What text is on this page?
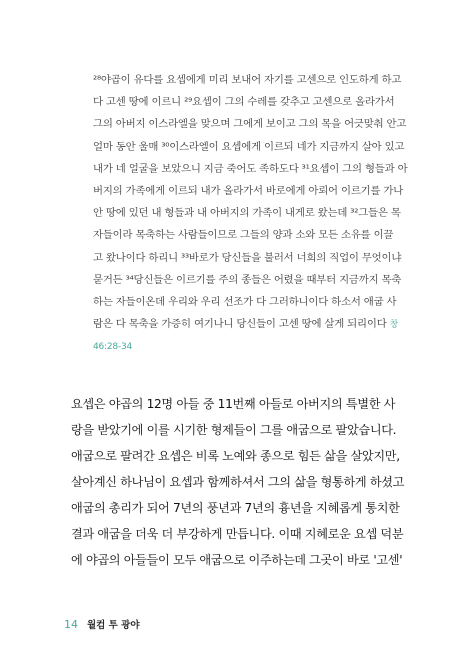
²⁸야곱이 유다를 요셉에게 미리 보내어 자기를 고센으로 인도하게 하고
다 고센 땅에 이르니 ²⁹요셉이 그의 수레를 갖추고 고센으로 올라가서
그의 아버지 이스라엘을 맞으며 그에게 보이고 그의 목을 어긋맞춰 안고
얼마 동안 울매 ³⁰이스라엘이 요셉에게 이르되 네가 지금까지 살아 있고
내가 네 얼굴을 보았으니 지금 죽어도 족하도다 ³¹요셉이 그의 형들과 아
버지의 가족에게 이르되 내가 올라가서 바로에게 아뢰어 이르기를 가나
안 땅에 있던 내 형들과 내 아버지의 가족이 내게로 왔는데 ³²그들은 목
자들이라 목축하는 사람들이므로 그들의 양과 소와 모든 소유를 이끌
고 왔나이다 하리니 ³³바로가 당신들을 불러서 너희의 직업이 무엇이냐
묻거든 ³⁴당신들은 이르기를 주의 종들은 어렸을 때부터 지금까지 목축
하는 자들이온데 우리와 우리 선조가 다 그러하니이다 하소서 애굽 사
람은 다 목축을 가증히 여기나니 당신들이 고센 땅에 살게 되리이다 창
46:28-34
요셉은 야곱의 12명 아들 중 11번째 아들로 아버지의 특별한 사
랑을 받았기에 이를 시기한 형제들이 그를 애굽으로 팔았습니다.
애굽으로 팔려간 요셉은 비록 노예와 종으로 힘든 삶을 살았지만,
살아계신 하나님이 요셉과 함께하셔서 그의 삶을 형통하게 하셨고
애굽의 총리가 되어 7년의 풍년과 7년의 흉년을 지혜롭게 통치한
결과 애굽을 더욱 더 부강하게 만듭니다. 이때 지혜로운 요셉 덕분
에 야곱의 아들들이 모두 애굽으로 이주하는데 그곳이 바로 '고센'
14 월컴 투 광야
